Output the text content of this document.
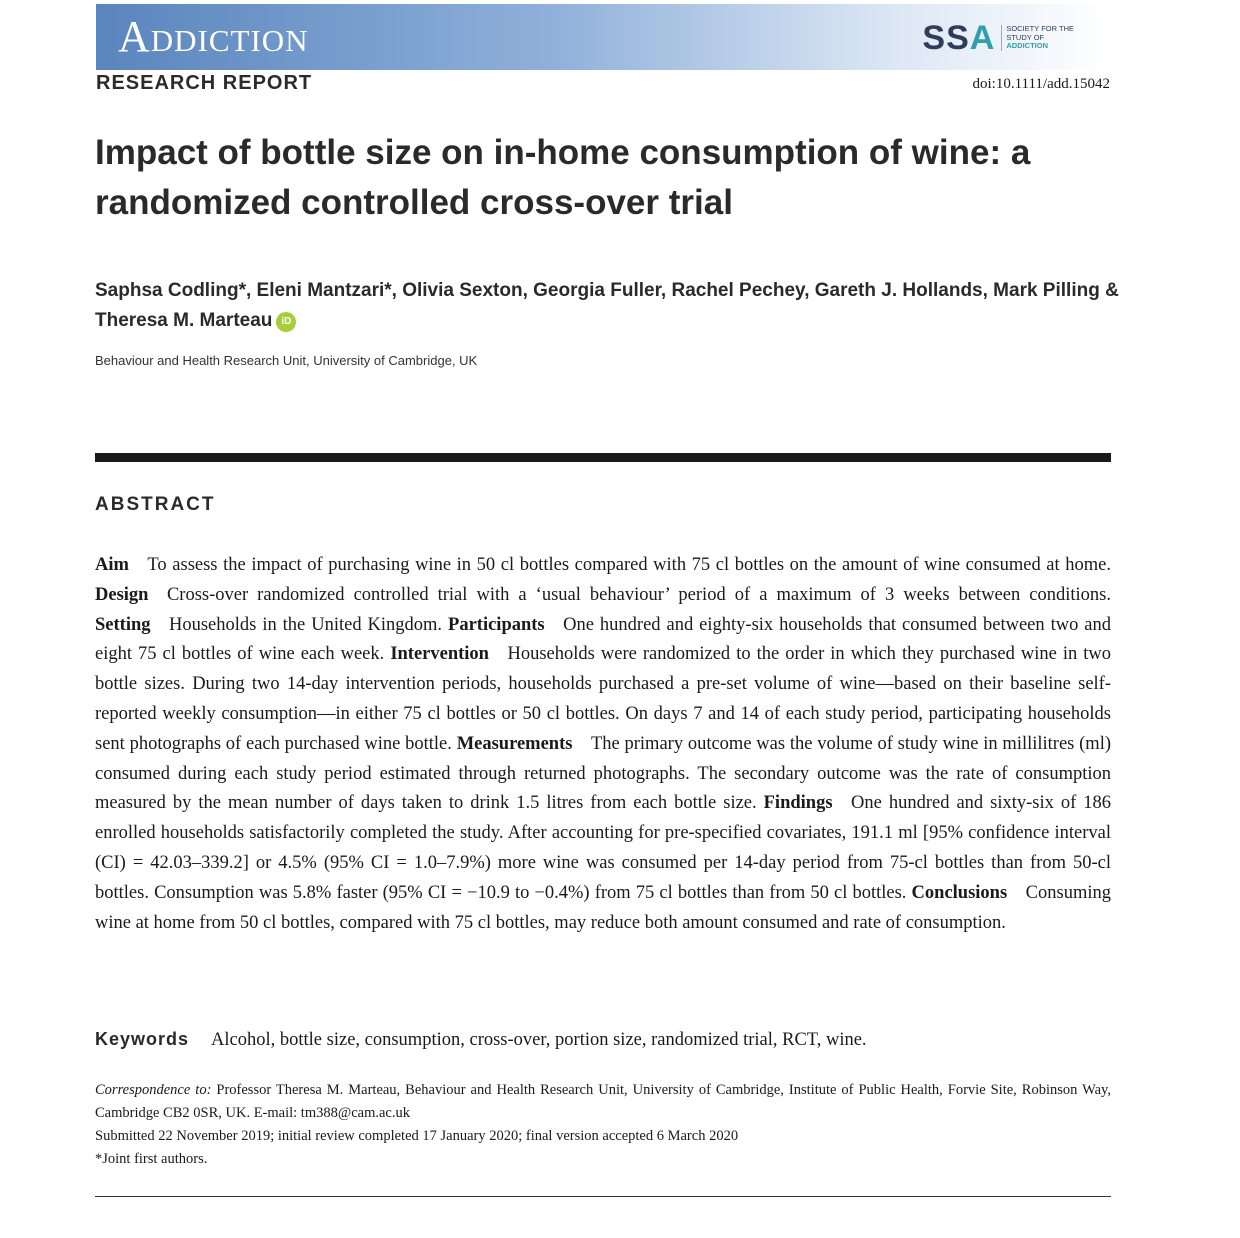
Addiction	SSA SOCIETY FOR THE
STUDY OF
ADDICTION
RESEARCH REPORT	doi:10.1111/add.15042
Impact of bottle size on in-home consumption of wine: a randomized controlled cross-over trial

Saphsa Codling*, Eleni Mantzari*, Olivia Sexton, Georgia Fuller, Rachel Pechey, Gareth J. Hollands, Mark Pilling & Theresa M. Marteau iD

Behaviour and Health Research Unit, University of Cambridge, UK
ABSTRACT

Aim  To assess the impact of purchasing wine in 50 cl bottles compared with 75 cl bottles on the amount of wine consumed at home. Design  Cross-over randomized controlled trial with a ‘usual behaviour’ period of a maximum of 3 weeks between conditions. Setting  Households in the United Kingdom. Participants  One hundred and eighty-six households that consumed between two and eight 75 cl bottles of wine each week. Intervention  Households were randomized to the order in which they purchased wine in two bottle sizes. During two 14-day intervention periods, households purchased a pre-set volume of wine—based on their baseline self-reported weekly consumption—in either 75 cl bottles or 50 cl bottles. On days 7 and 14 of each study period, participating households sent photographs of each purchased wine bottle. Measurements  The primary outcome was the volume of study wine in millilitres (ml) consumed during each study period estimated through returned photographs. The secondary outcome was the rate of consumption measured by the mean number of days taken to drink 1.5 litres from each bottle size. Findings  One hundred and sixty-six of 186 enrolled households satisfactorily completed the study. After accounting for pre-specified covariates, 191.1 ml [95% confidence interval (CI) = 42.03–339.2] or 4.5% (95% CI = 1.0–7.9%) more wine was consumed per 14-day period from 75-cl bottles than from 50-cl bottles. Consumption was 5.8% faster (95% CI = −10.9 to −0.4%) from 75 cl bottles than from 50 cl bottles. Conclusions  Consuming wine at home from 50 cl bottles, compared with 75 cl bottles, may reduce both amount consumed and rate of consumption.

Keywords Alcohol, bottle size, consumption, cross-over, portion size, randomized trial, RCT, wine.

Correspondence to: Professor Theresa M. Marteau, Behaviour and Health Research Unit, University of Cambridge, Institute of Public Health, Forvie Site, Robinson Way, Cambridge CB2 0SR, UK. E-mail: tm388@cam.ac.uk

Submitted 22 November 2019; initial review completed 17 January 2020; final version accepted 6 March 2020

*Joint first authors.
